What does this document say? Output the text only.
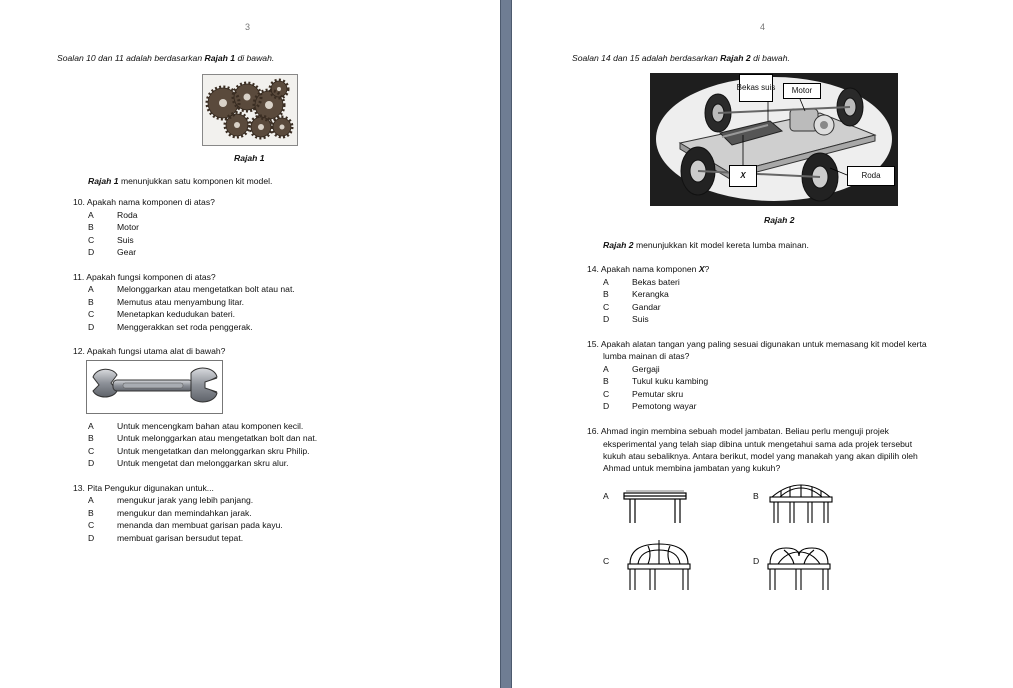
3
Soalan 10 dan 11 adalah berdasarkan Rajah 1 di bawah.
Rajah 1
Rajah 1 menunjukkan satu komponen kit model.
10. Apakah nama komponen di atas?
A	Roda
B	Motor
C	Suis
D	Gear
11. Apakah fungsi komponen di atas?
A	Melonggarkan atau mengetatkan bolt atau nat.
B	Memutus atau menyambung litar.
C	Menetapkan kedudukan bateri.
D	Menggerakkan set roda penggerak.
12. Apakah fungsi utama alat di bawah?
A	Untuk mencengkam bahan atau komponen kecil.
B	Untuk melonggarkan atau mengetatkan bolt dan nat.
C	Untuk mengetatkan dan melonggarkan skru Philip.
D	Untuk mengetat dan melonggarkan skru alur.
13. Pita Pengukur digunakan untuk...
A	mengukur jarak yang lebih panjang.
B	mengukur dan memindahkan jarak.
C	menanda dan membuat garisan pada kayu.
D	membuat garisan bersudut tepat.
4
Soalan 14 dan 15 adalah berdasarkan Rajah 2 di bawah.
Bekas suis	Motor
X	Roda
Rajah 2
Rajah 2 menunjukkan kit model kereta lumba mainan.
14. Apakah nama komponen X?
A	Bekas bateri
B	Kerangka
C	Gandar
D	Suis
15. Apakah alatan tangan yang paling sesuai digunakan untuk memasang kit model kerta
lumba mainan di atas?
A	Gergaji
B	Tukul kuku kambing
C	Pemutar skru
D	Pemotong wayar
16. Ahmad ingin membina sebuah model jambatan. Beliau perlu menguji projek
eksperimental yang telah siap dibina untuk mengetahui sama ada projek tersebut
kukuh atau sebaliknya. Antara berikut, model yang manakah yang akan dipilih oleh
Ahmad untuk membina jambatan yang kukuh?
A	B
C	D
